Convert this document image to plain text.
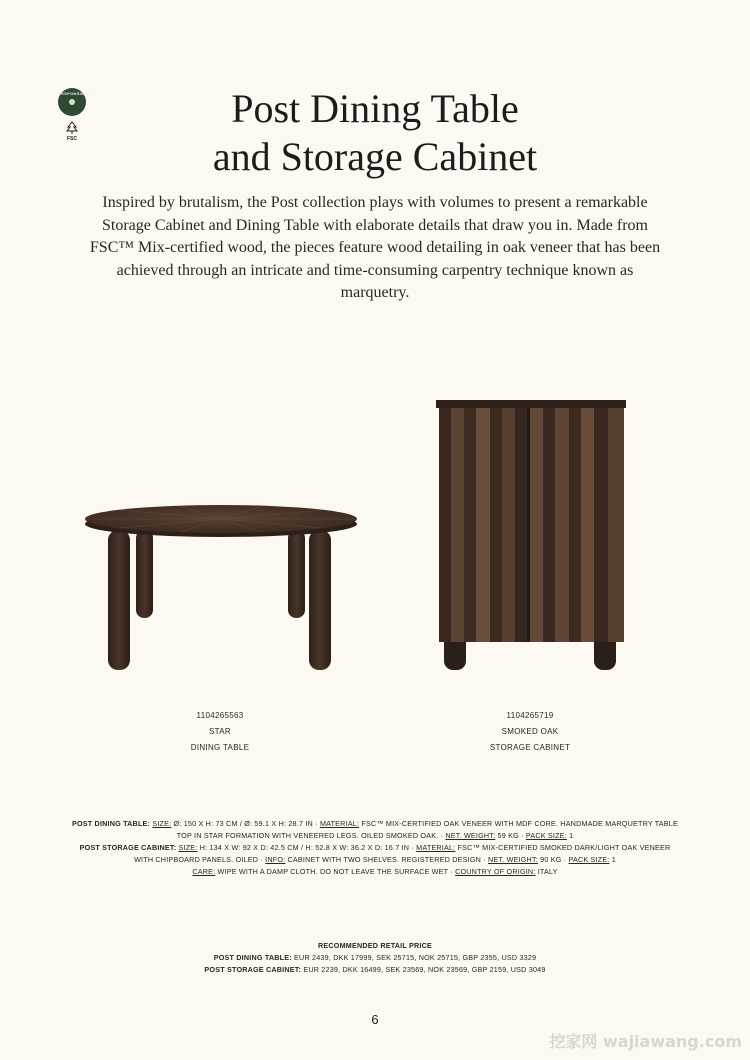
RESPONSIBLE
FSC
Post Dining Table
and Storage Cabinet

Inspired by brutalism, the Post collection plays with volumes to present a remarkable Storage Cabinet and Dining Table with elaborate details that draw you in. Made from FSC™ Mix-certified wood, the pieces feature wood detailing in oak veneer that has been achieved through an intricate and time-consuming carpentry technique known as marquetry.

1104265563
STAR
DINING TABLE
1104265719
SMOKED OAK
STORAGE CABINET
POST DINING TABLE: SIZE: Ø: 150 X H: 73 CM / Ø: 59.1 X H: 28.7 IN · MATERIAL: FSC™ MIX-CERTIFIED OAK VENEER WITH MDF CORE. HANDMADE MARQUETRY TABLE TOP IN STAR FORMATION WITH VENEERED LEGS. OILED SMOKED OAK. · NET. WEIGHT: 59 KG · PACK SIZE: 1
POST STORAGE CABINET: SIZE: H: 134 X W: 92 X D: 42.5 CM / H: 52.8 X W: 36.2 X D: 16.7 IN · MATERIAL: FSC™ MIX-CERTIFIED SMOKED DARK/LIGHT OAK VENEER WITH CHIPBOARD PANELS. OILED · INFO: CABINET WITH TWO SHELVES. REGISTERED DESIGN · NET. WEIGHT: 90 KG · PACK SIZE: 1
CARE: WIPE WITH A DAMP CLOTH. DO NOT LEAVE THE SURFACE WET · COUNTRY OF ORIGIN: ITALY
RECOMMENDED RETAIL PRICE
POST DINING TABLE: EUR 2439, DKK 17999, SEK 25715, NOK 25715, GBP 2355, USD 3329
POST STORAGE CABINET: EUR 2239, DKK 16499, SEK 23569, NOK 23569, GBP 2159, USD 3049
6
挖家网 wajiawang.com
